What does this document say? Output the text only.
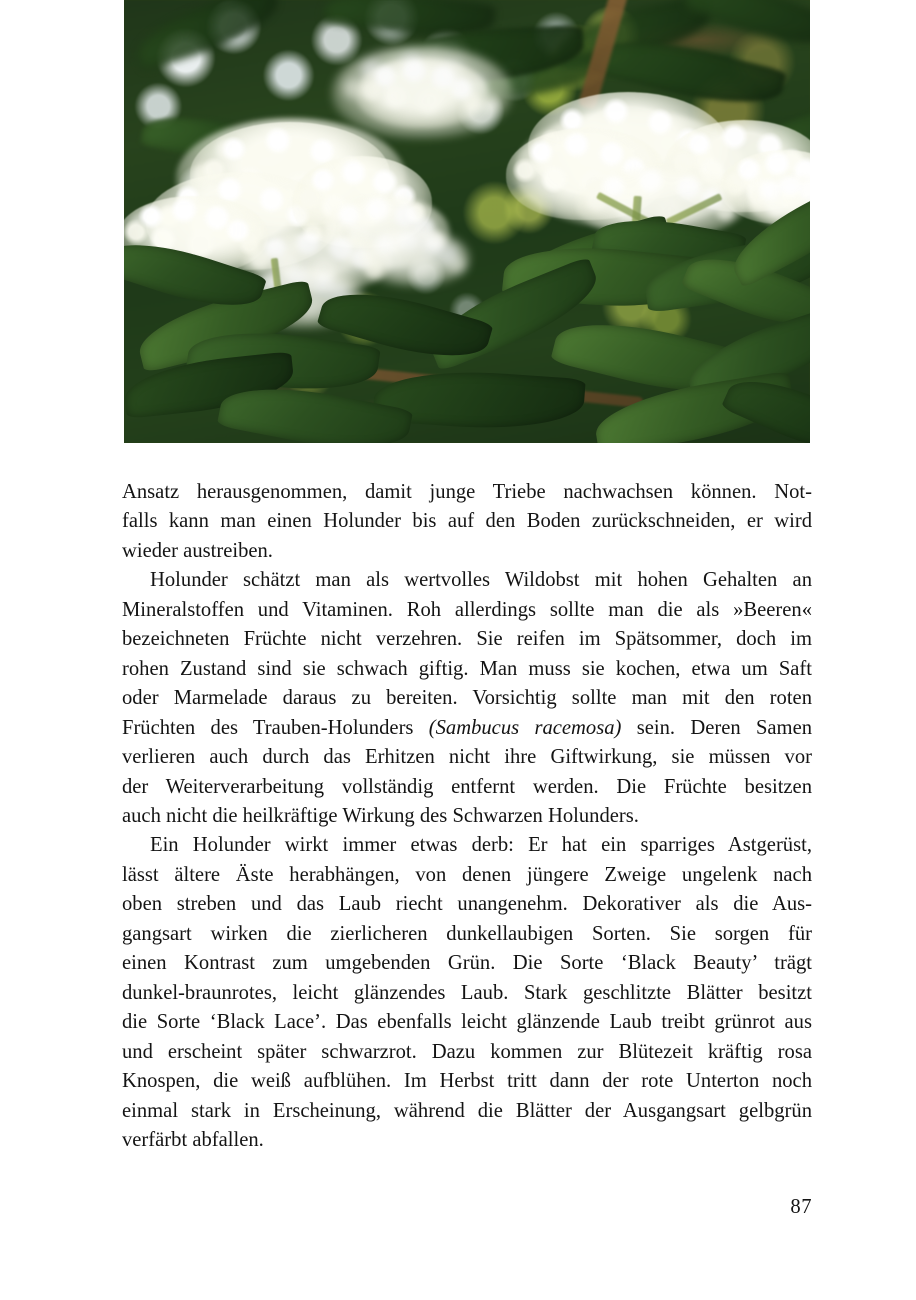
Ansatz herausgenommen, damit junge Triebe nachwachsen können. Not-
falls kann man einen Holunder bis auf den Boden zurückschneiden, er wird
wieder austreiben.

Holunder schätzt man als wertvolles Wildobst mit hohen Gehalten an
Mineralstoffen und Vitaminen. Roh allerdings sollte man die als »Beeren«
bezeichneten Früchte nicht verzehren. Sie reifen im Spätsommer, doch im
rohen Zustand sind sie schwach giftig. Man muss sie kochen, etwa um Saft
oder Marmelade daraus zu bereiten. Vorsichtig sollte man mit den roten
Früchten des Trauben-Holunders (Sambucus racemosa) sein. Deren Samen
verlieren auch durch das Erhitzen nicht ihre Giftwirkung, sie müssen vor
der Weiterverarbeitung vollständig entfernt werden. Die Früchte besitzen
auch nicht die heilkräftige Wirkung des Schwarzen Holunders.

Ein Holunder wirkt immer etwas derb: Er hat ein sparriges Astgerüst,
lässt ältere Äste herabhängen, von denen jüngere Zweige ungelenk nach
oben streben und das Laub riecht unangenehm. Dekorativer als die Aus-
gangsart wirken die zierlicheren dunkellaubigen Sorten. Sie sorgen für
einen Kontrast zum umgebenden Grün. Die Sorte ‘Black Beauty’ trägt
dunkel-braunrotes, leicht glänzendes Laub. Stark geschlitzte Blätter besitzt
die Sorte ‘Black Lace’. Das ebenfalls leicht glänzende Laub treibt grünrot aus
und erscheint später schwarzrot. Dazu kommen zur Blütezeit kräftig rosa
Knospen, die weiß aufblühen. Im Herbst tritt dann der rote Unterton noch
einmal stark in Erscheinung, während die Blätter der Ausgangsart gelbgrün
verfärbt abfallen.

87
